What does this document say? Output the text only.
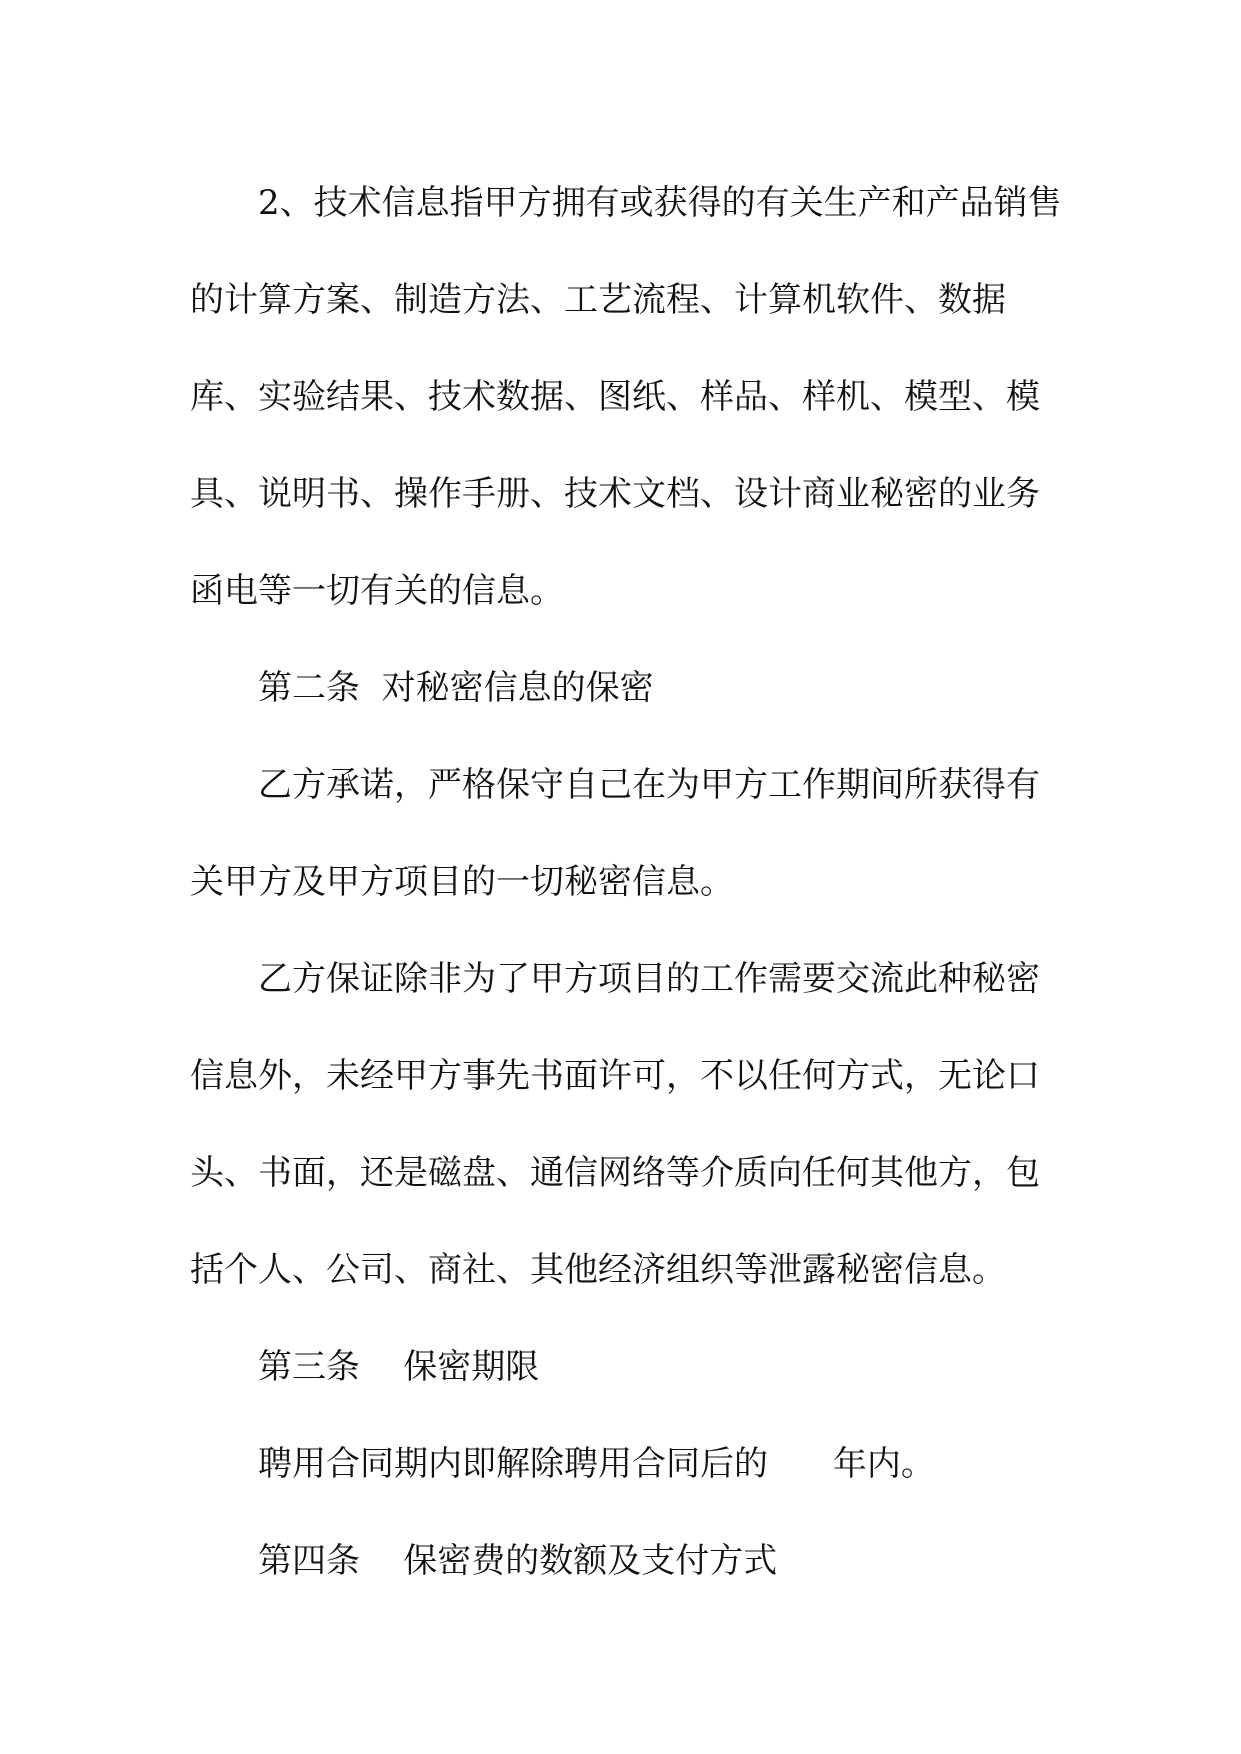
2、技术信息指甲方拥有或获得的有关生产和产品销售
的计算方案、制造方法、工艺流程、计算机软件、数据
库、实验结果、技术数据、图纸、样品、样机、模型、模
具、说明书、操作手册、技术文档、设计商业秘密的业务
函电等一切有关的信息。
第二条  对秘密信息的保密
乙方承诺，严格保守自己在为甲方工作期间所获得有
关甲方及甲方项目的一切秘密信息。
乙方保证除非为了甲方项目的工作需要交流此种秘密
信息外，未经甲方事先书面许可，不以任何方式，无论口
头、书面，还是磁盘、通信网络等介质向任何其他方，包
括个人、公司、商社、其他经济组织等泄露秘密信息。
第三条    保密期限
聘用合同期内即解除聘用合同后的      年内。
第四条    保密费的数额及支付方式
